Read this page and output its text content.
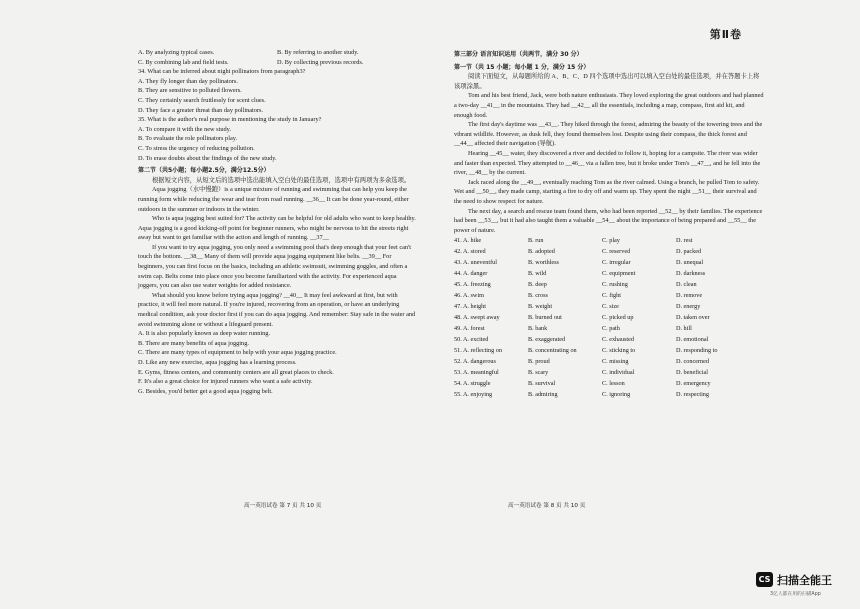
A. By analyzing typical cases.	B. By referring to another study.
C. By combining lab and field tests.	D. By collecting previous records.
34. What can be inferred about night pollinators from paragraph3?
A. They fly longer than day pollinators.
B. They are sensitive to polluted flowers.
C. They certainly search fruitlessly for scent clues.
D. They face a greater threat than day pollinators.
35. What is the author's real purpose in mentioning the study in January?
A. To compare it with the new study.
B. To evaluate the role pollinators play.
C. To stress the urgency of reducing pollution.
D. To erase doubts about the findings of the new study.
第二节（共5小题；每小题2.5分，满分12.5分）
根据短文内容，从短文后的选项中选出能填入空白处的最佳选项，选项中有两项为多余选项。
Aqua jogging（水中慢跑）is a unique mixture of running and swimming that can help you keep the running form while reducing the wear and tear from road running. __36__ It can be done year-round, either outdoors in the summer or indoors in the winter.
Who is aqua jogging best suited for? The activity can be helpful for old adults who want to keep healthy. Aqua jogging is a good kicking-off point for beginner runners, who might be nervous to hit the streets right away but want to get familiar with the action and length of running. __37__
If you want to try aqua jogging, you only need a swimming pool that's deep enough that your feet can't touch the bottom. __38__ Many of them will provide aqua jogging equipment like belts. __39__ For beginners, you can first focus on the basics, including an athletic swimsuit, swimming goggles, and often a swim cap. Belts come into place once you become familiarized with the activity. For experienced aqua joggers, you can also use water weights for added resistance.
What should you know before trying aqua jogging? __40__ It may feel awkward at first, but with practice, it will feel more natural. If you're injured, recovering from an operation, or have an underlying medical condition, ask your doctor first if you can do aqua jogging. And remember: Stay safe in the water and avoid swimming alone or without a lifeguard present.
A. It is also popularly known as deep water running.
B. There are many benefits of aqua jogging.
C. There are many types of equipment to help with your aqua jogging practice.
D. Like any new exercise, aqua jogging has a learning process.
E. Gyms, fitness centers, and community centers are all great places to check.
F. It's also a great choice for injured runners who want a safe activity.
G. Besides, you'd better get a good aqua jogging belt.
高一英语试卷 第 7 页 共 10 页
第Ⅱ卷
第三部分 语言知识运用（共两节，满分 30 分）
第一节（共 15 小题；每小题 1 分，满分 15 分）
阅读下面短文，从每题所给的 A、B、C、D 四个选项中选出可以填入空白处的最佳选项，并在答题卡上将该项涂黑。
Tom and his best friend, Jack, were both nature enthusiasts. They loved exploring the great outdoors and had planned a two-day __41__ in the mountains. They had __42__ all the essentials, including a map, compass, first aid kit, and enough food.
The first day's daytime was __43__. They hiked through the forest, admiring the beauty of the towering trees and the vibrant wildlife. However, as dusk fell, they found themselves lost. Despite using their compass, the thick forest and __44__ affected their navigation (导航).
Hearing __45__ water, they discovered a river and decided to follow it, hoping for a campsite. The river was wider and faster than expected. They attempted to __46__ via a fallen tree, but it broke under Tom's __47__, and he fell into the river, __48__ by the current.
Jack raced along the __49__, eventually reaching Tom as the river calmed. Using a branch, he pulled Tom to safety. Wet and __50__, they made camp, starting a fire to dry off and warm up. They spent the night __51__ their survival and the need to show respect for nature.
The next day, a search and rescue team found them, who had been reported __52__ by their families. The experience had been __53__, but it had also taught them a valuable __54__ about the importance of being prepared and __55__ the power of nature.
41. A. hike	B. run	C. play	D. rest
42. A. stored	B. adopted	C. reserved	D. packed
43. A. uneventful	B. worthless	C. irregular	D. unequal
44. A. danger	B. wild	C. equipment	D. darkness
45. A. freezing	B. deep	C. rushing	D. clean
46. A. swim	B. cross	C. fight	D. remove
47. A. height	B. weight	C. size	D. energy
48. A. swept away	B. burned out	C. picked up	D. taken over
49. A. forest	B. bank	C. path	D. hill
50. A. excited	B. exaggerated	C. exhausted	D. emotional
51. A. reflecting on	B. concentrating on	C. sticking to	D. responding to
52. A. dangerous	B. proud	C. missing	D. concerned
53. A. meaningful	B. scary	C. individual	D. beneficial
54. A. struggle	B. survival	C. lesson	D. emergency
55. A. enjoying	B. admiring	C. ignoring	D. respecting
高一英语试卷 第 8 页 共 10 页
CS 扫描全能王
3亿人都在用的扫描App
